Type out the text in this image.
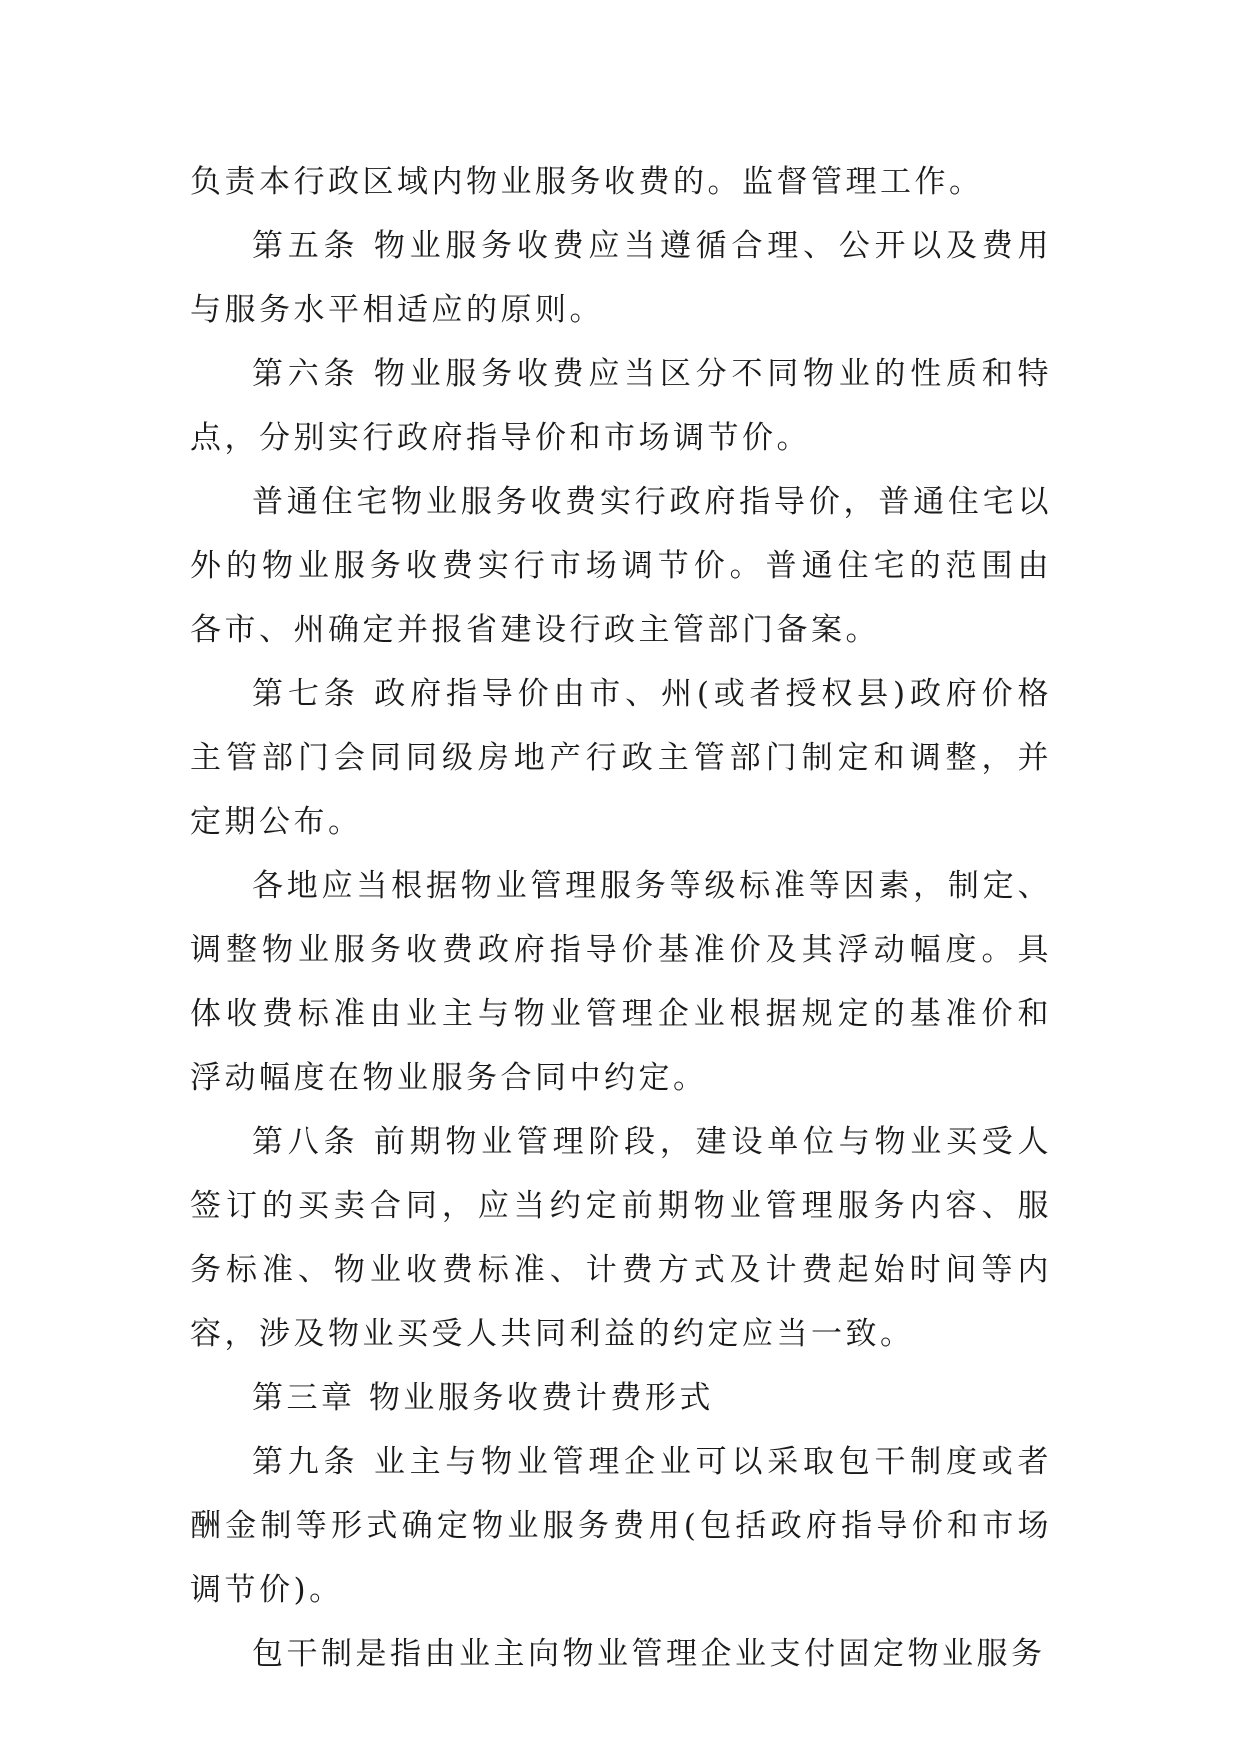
负责本行政区域内物业服务收费的。监督管理工作。

第五条 物业服务收费应当遵循合理、公开以及费用与服务水平相适应的原则。

第六条 物业服务收费应当区分不同物业的性质和特点，分别实行政府指导价和市场调节价。

普通住宅物业服务收费实行政府指导价，普通住宅以外的物业服务收费实行市场调节价。普通住宅的范围由各市、州确定并报省建设行政主管部门备案。

第七条 政府指导价由市、州(或者授权县)政府价格主管部门会同同级房地产行政主管部门制定和调整，并定期公布。

各地应当根据物业管理服务等级标准等因素，制定、调整物业服务收费政府指导价基准价及其浮动幅度。具体收费标准由业主与物业管理企业根据规定的基准价和浮动幅度在物业服务合同中约定。

第八条 前期物业管理阶段，建设单位与物业买受人签订的买卖合同，应当约定前期物业管理服务内容、服务标准、物业收费标准、计费方式及计费起始时间等内容，涉及物业买受人共同利益的约定应当一致。

第三章 物业服务收费计费形式

第九条 业主与物业管理企业可以采取包干制度或者酬金制等形式确定物业服务费用(包括政府指导价和市场调节价)。

包干制是指由业主向物业管理企业支付固定物业服务
